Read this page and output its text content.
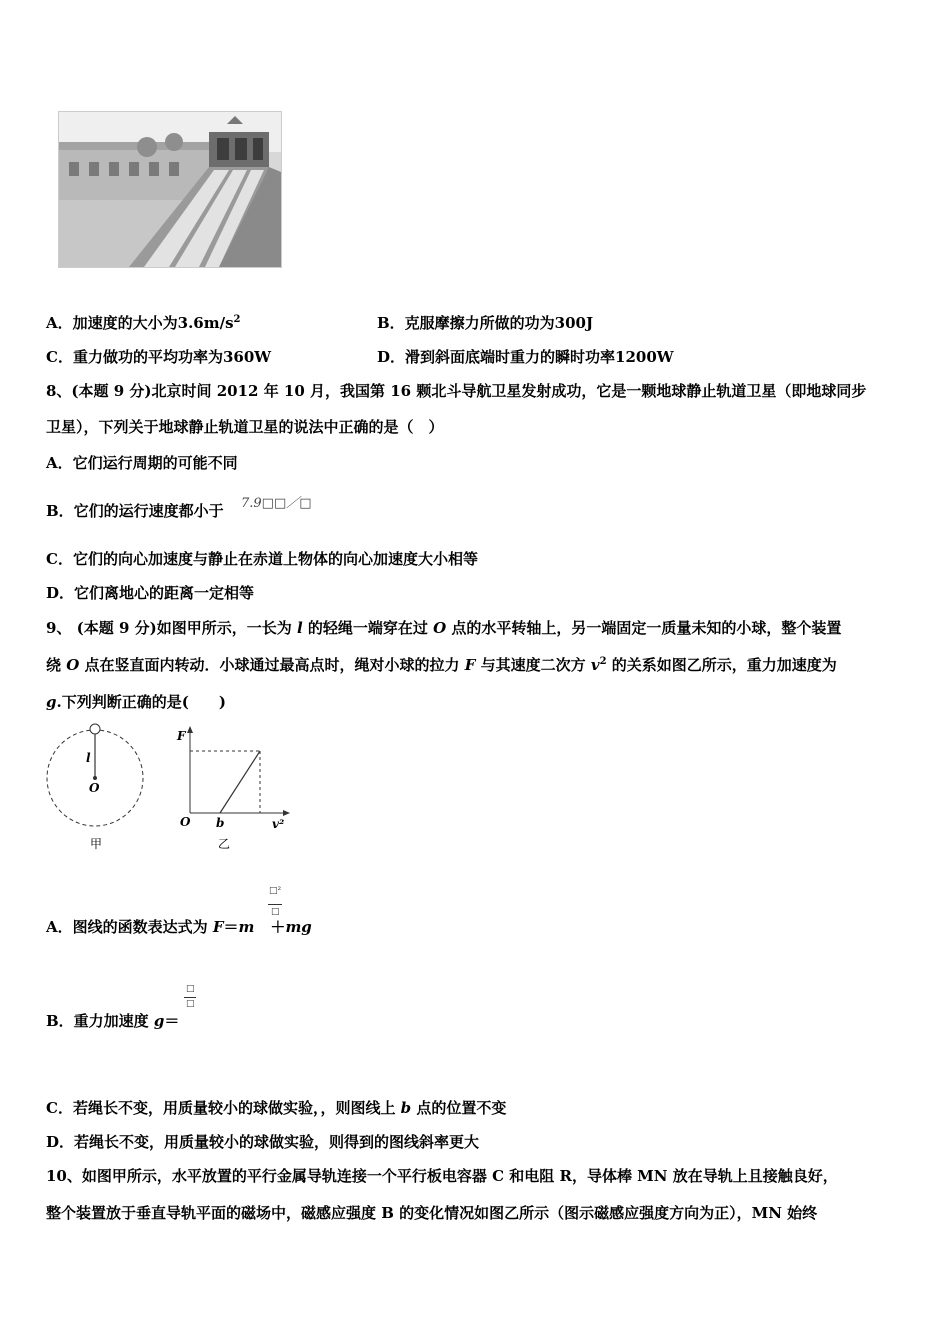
A．加速度的大小为$3.6m/s^2$	B．克服摩擦力所做的功为300J
C．重力做功的平均功率为360W	D．滑到斜面底端时重力的瞬时功率1200W
8、(本题 9 分)北京时间 2012 年 10 月，我国第 16 颗北斗导航卫星发射成功，它是一颗地球静止轨道卫星（即地球同步
卫星），下列关于地球静止轨道卫星的说法中正确的是（　）
A．它们运行周期的可能不同
B．它们的运行速度都小于 7.9□□／□
C．它们的向心加速度与静止在赤道上物体的向心加速度大小相等
D．它们离地心的距离一定相等
9、 (本题 9 分)如图甲所示，一长为 l 的轻绳一端穿在过 O 点的水平转轴上，另一端固定一质量未知的小球，整个装置
绕 O 点在竖直面内转动．小球通过最高点时，绳对小球的拉力 F 与其速度二次方 $v^2$ 的关系如图乙所示，重力加速度为
g.下列判断正确的是(　　)
l
O
甲
F
O b	v²
乙
A．图线的函数表达式为 F＝m ＋mg
□²
□
B．重力加速度 g＝
□
□
C．若绳长不变，用质量较小的球做实验，，则图线上 b 点的位置不变
D．若绳长不变，用质量较小的球做实验，则得到的图线斜率更大
10、如图甲所示，水平放置的平行金属导轨连接一个平行板电容器 C 和电阻 R，导体棒 MN 放在导轨上且接触良好，
整个装置放于垂直导轨平面的磁场中，磁感应强度 B 的变化情况如图乙所示（图示磁感应强度方向为正），MN 始终
